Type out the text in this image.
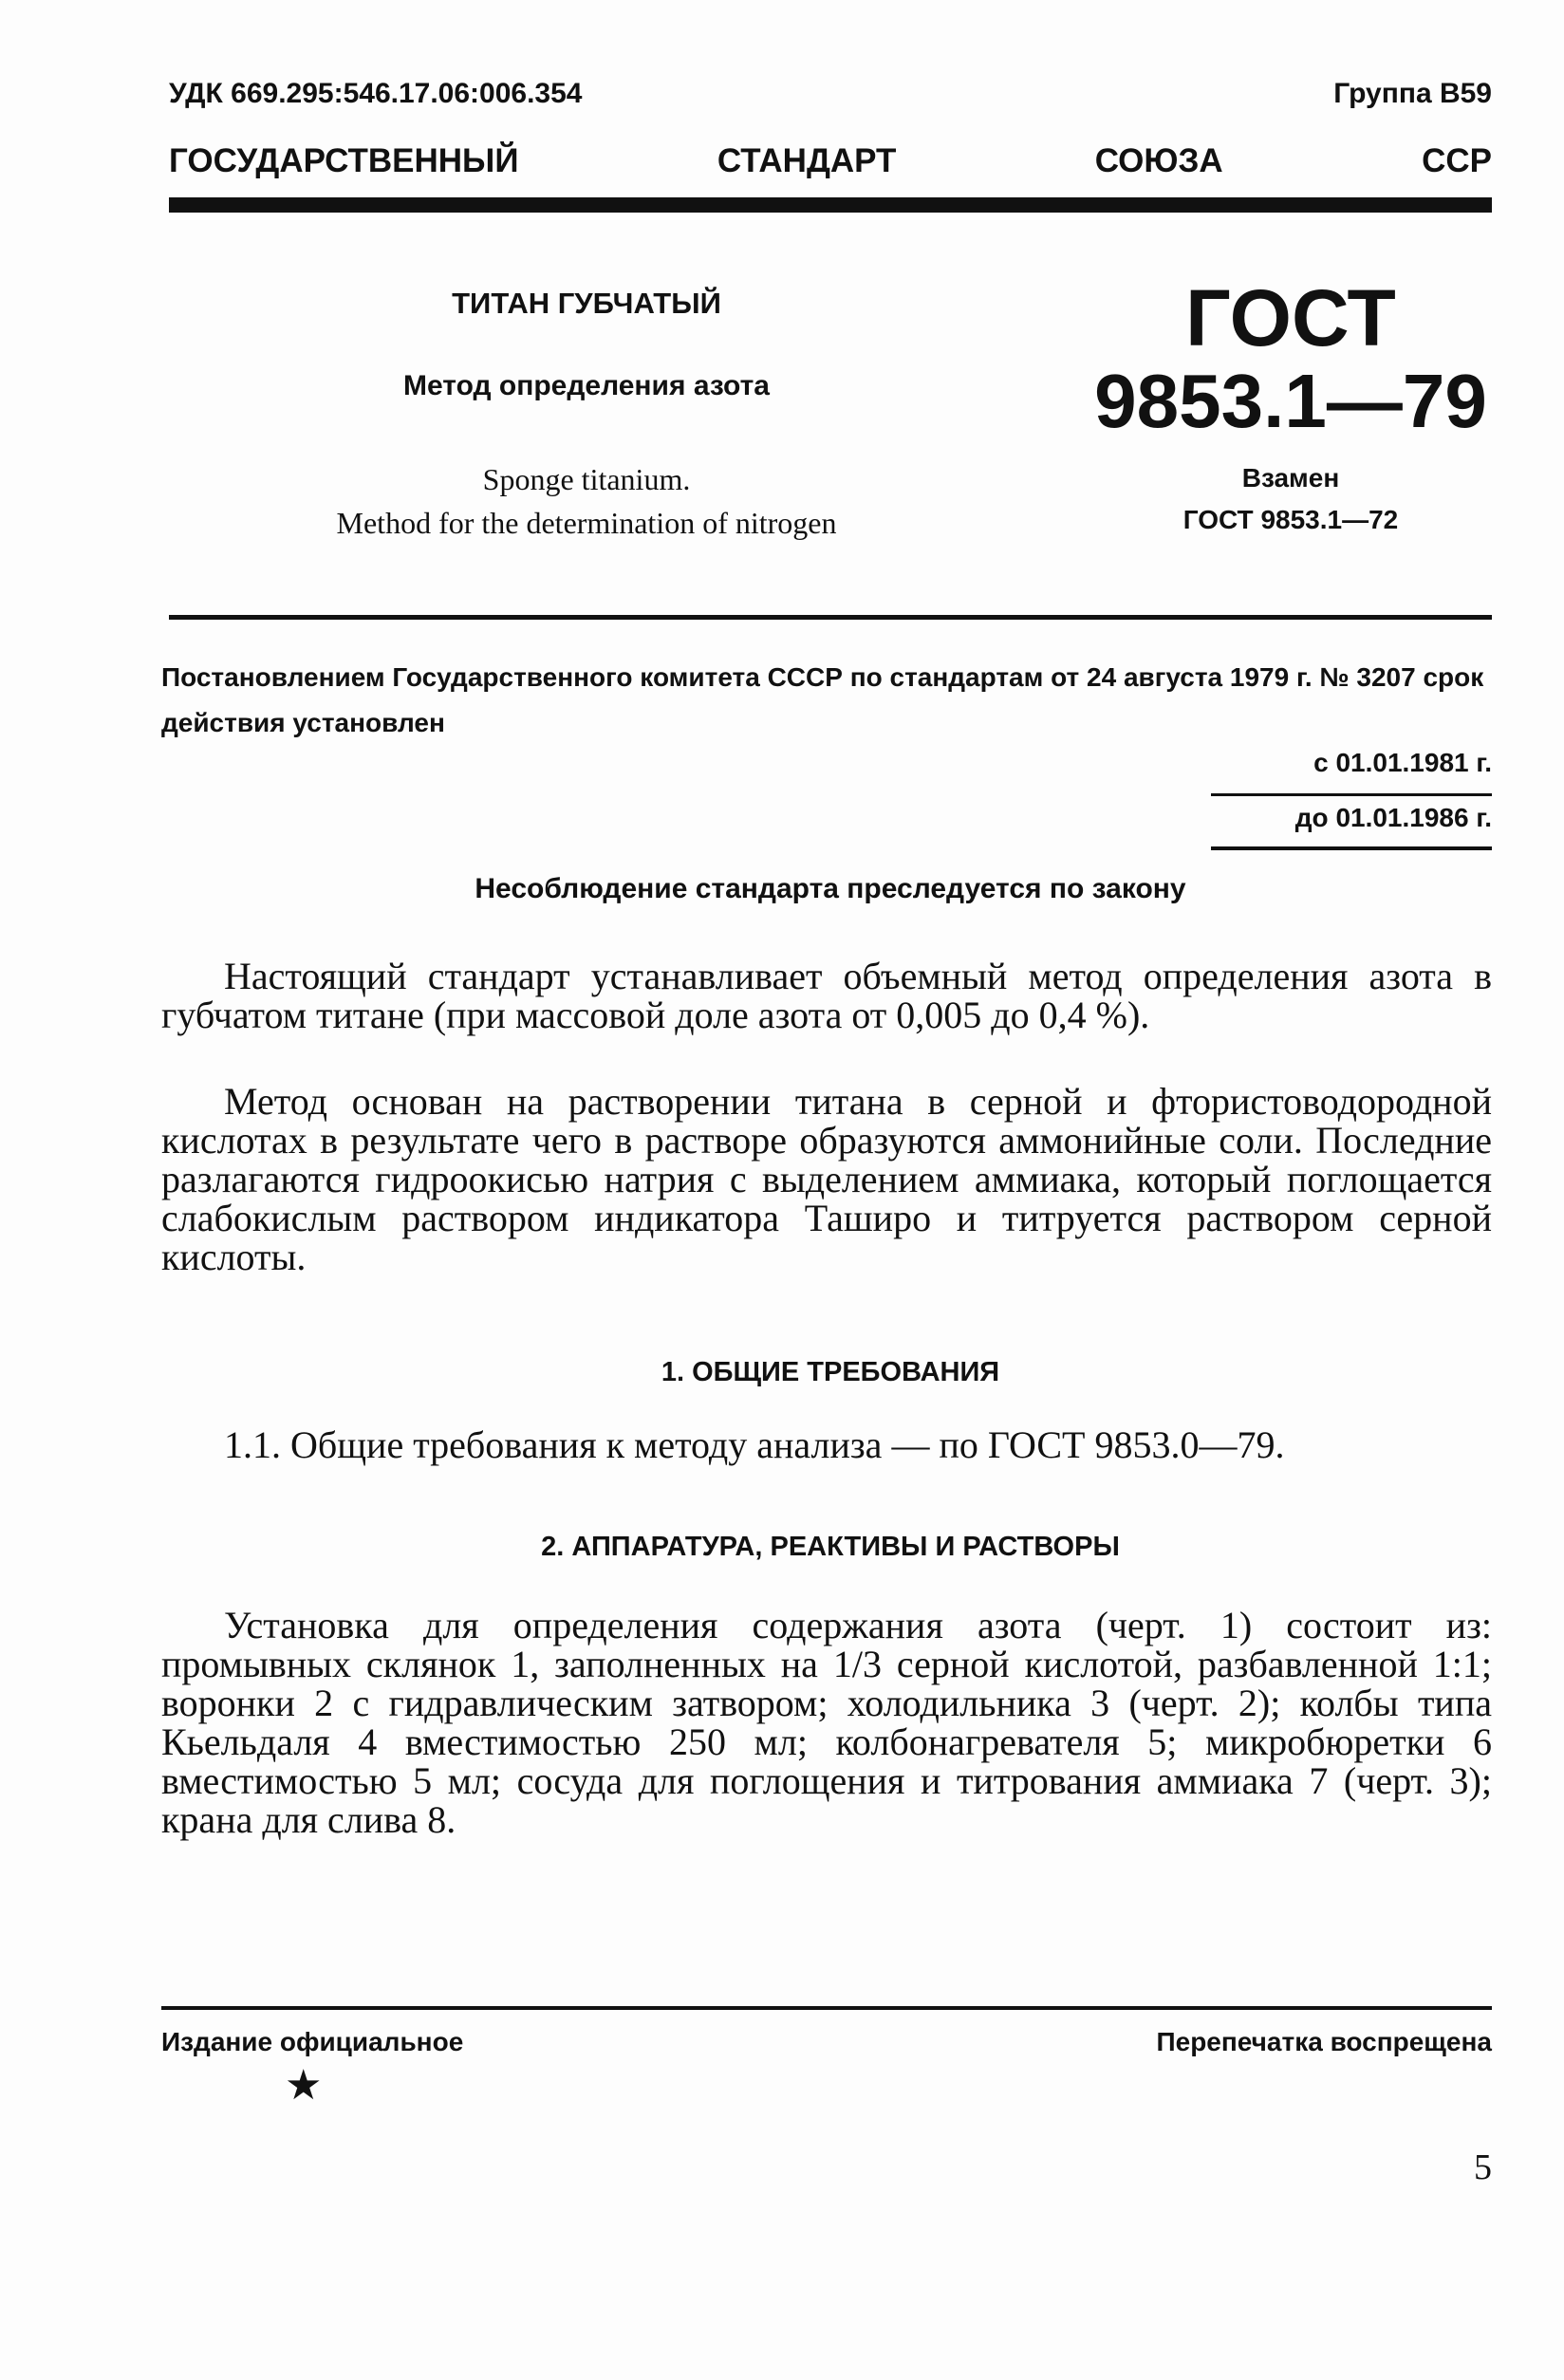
УДК 669.295:546.17.06:006.354	Группа В59
ГОСУДАРСТВЕННЫЙ	СТАНДАРТ	СОЮЗА	ССР
ТИТАН ГУБЧАТЫЙ
Метод определения азота
Sponge titanium.
Method for the determination of nitrogen
ГОСТ
9853.1—79
Взамен
ГОСТ 9853.1—72
Постановлением Государственного комитета СССР по стандартам от 24 августа 1979 г. № 3207 срок действия установлен
с 01.01.1981 г.
до 01.01.1986 г.
Несоблюдение стандарта преследуется по закону
Настоящий стандарт устанавливает объемный метод определения азота в губчатом титане (при массовой доле азота от 0,005 до 0,4 %).
Метод основан на растворении титана в серной и фтористоводородной кислотах в результате чего в растворе образуются аммонийные соли. Последние разлагаются гидроокисью натрия с выделением аммиака, который поглощается слабокислым раствором индикатора Таширо и титруется раствором серной кислоты.
1. ОБЩИЕ ТРЕБОВАНИЯ
1.1. Общие требования к методу анализа — по ГОСТ 9853.0—79.
2. АППАРАТУРА, РЕАКТИВЫ И РАСТВОРЫ
Установка для определения содержания азота (черт. 1) состоит из: промывных склянок 1, заполненных на 1/3 серной кислотой, разбавленной 1:1; воронки 2 с гидравлическим затвором; холодильника 3 (черт. 2); колбы типа Кьельдаля 4 вместимостью 250 мл; колбонагревателя 5; микробюретки 6 вместимостью 5 мл; сосуда для поглощения и титрования аммиака 7 (черт. 3); крана для слива 8.
Издание официальное	Перепечатка воспрещена
★
5
